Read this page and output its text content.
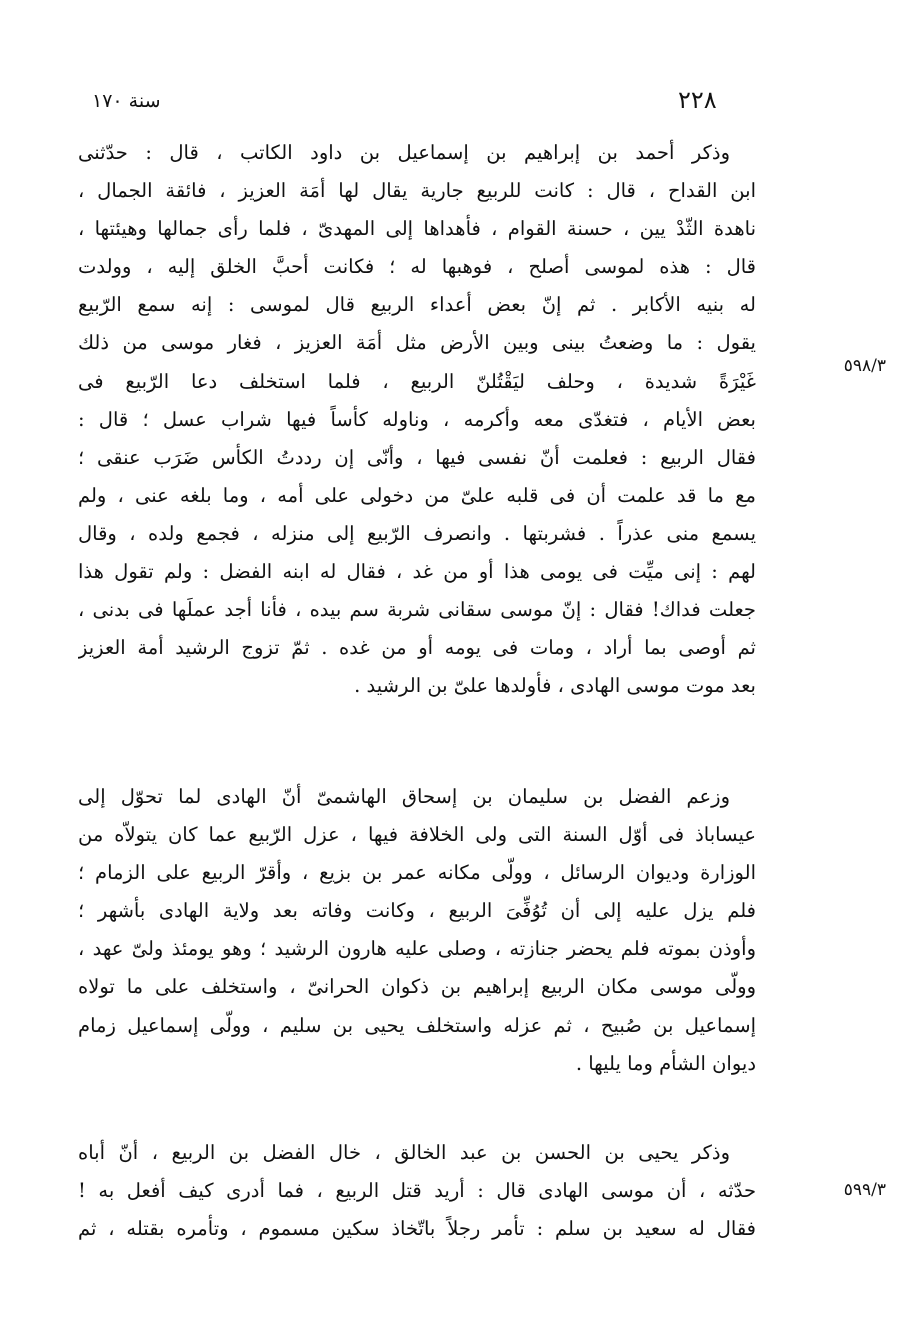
٢٢٨
سنة ١٧٠
٥٩٨/٣
٥٩٩/٣
وذكر أحمد بن إبراهيم بن إسماعيل بن داود الكاتب ، قال : حدّثنى
ابن القداح ، قال : كانت للربيع جارية يقال لها أمَة العزيز ، فائقة الجمال ،
ناهدة الثّدْ يين ، حسنة القوام ، فأهداها إلى المهدىّ ، فلما رأى جمالها وهيئتها ،
قال : هذه لموسى أصلح ، فوهبها له ؛ فكانت أحبَّ الخلق إليه ، وولدت
له بنيه الأكابر . ثم إنّ بعض أعداء الربيع قال لموسى : إنه سمع الرّبيع
يقول : ما وضعتُ بينى وبين الأرض مثل أمَة العزيز ، فغار موسى من ذلك
غَيْرَةً شديدة ، وحلف ليَقْتُلنّ الربيع ، فلما استخلف دعا الرّبيع فى
بعض الأيام ، فتغدّى معه وأكرمه ، وناوله كأساً فيها شراب عسل ؛ قال :
فقال الربيع : فعلمت أنّ نفسى فيها ، وأنّى إن رددتُ الكأس ضَرَب عنقى ؛
مع ما قد علمت أن فى قلبه علىّ من دخولى على أمه ، وما بلغه عنى ، ولم
يسمع منى عذراً . فشربتها . وانصرف الرّبيع إلى منزله ، فجمع ولده ، وقال
لهم : إنى ميِّت فى يومى هذا أو من غد ، فقال له ابنه الفضل : ولم تقول هذا
جعلت فداك! فقال : إنّ موسى سقانى شربة سم بيده ، فأنا أجد عملَها فى بدنى ،
ثم أوصى بما أراد ، ومات فى يومه أو من غده . ثمّ تزوج الرشيد أمة العزيز
بعد موت موسى الهادى ، فأولدها علىّ بن الرشيد .
وزعم الفضل بن سليمان بن إسحاق الهاشمىّ أنّ الهادى لما تحوّل إلى
عيساباذ فى أوّل السنة التى ولى الخلافة فيها ، عزل الرّبيع عما كان يتولاّه من
الوزارة وديوان الرسائل ، وولّى مكانه عمر بن بزيع ، وأقرّ الربيع على الزمام ؛
فلم يزل عليه إلى أن تُوُفِّىَ الربيع ، وكانت وفاته بعد ولاية الهادى بأشهر ؛
وأوذن بموته فلم يحضر جنازته ، وصلى عليه هارون الرشيد ؛ وهو يومئذ ولىّ عهد ،
وولّى موسى مكان الربيع إبراهيم بن ذكوان الحرانىّ ، واستخلف على ما تولاه
إسماعيل بن صُبيح ، ثم عزله واستخلف يحيى بن سليم ، وولّى إسماعيل زمام
ديوان الشأم وما يليها .
وذكر يحيى بن الحسن بن عبد الخالق ، خال الفضل بن الربيع ، أنّ أباه
حدّثه ، أن موسى الهادى قال : أريد قتل الربيع ، فما أدرى كيف أفعل به !
فقال له سعيد بن سلم : تأمر رجلاً باتّخاذ سكين مسموم ، وتأمره بقتله ، ثم
